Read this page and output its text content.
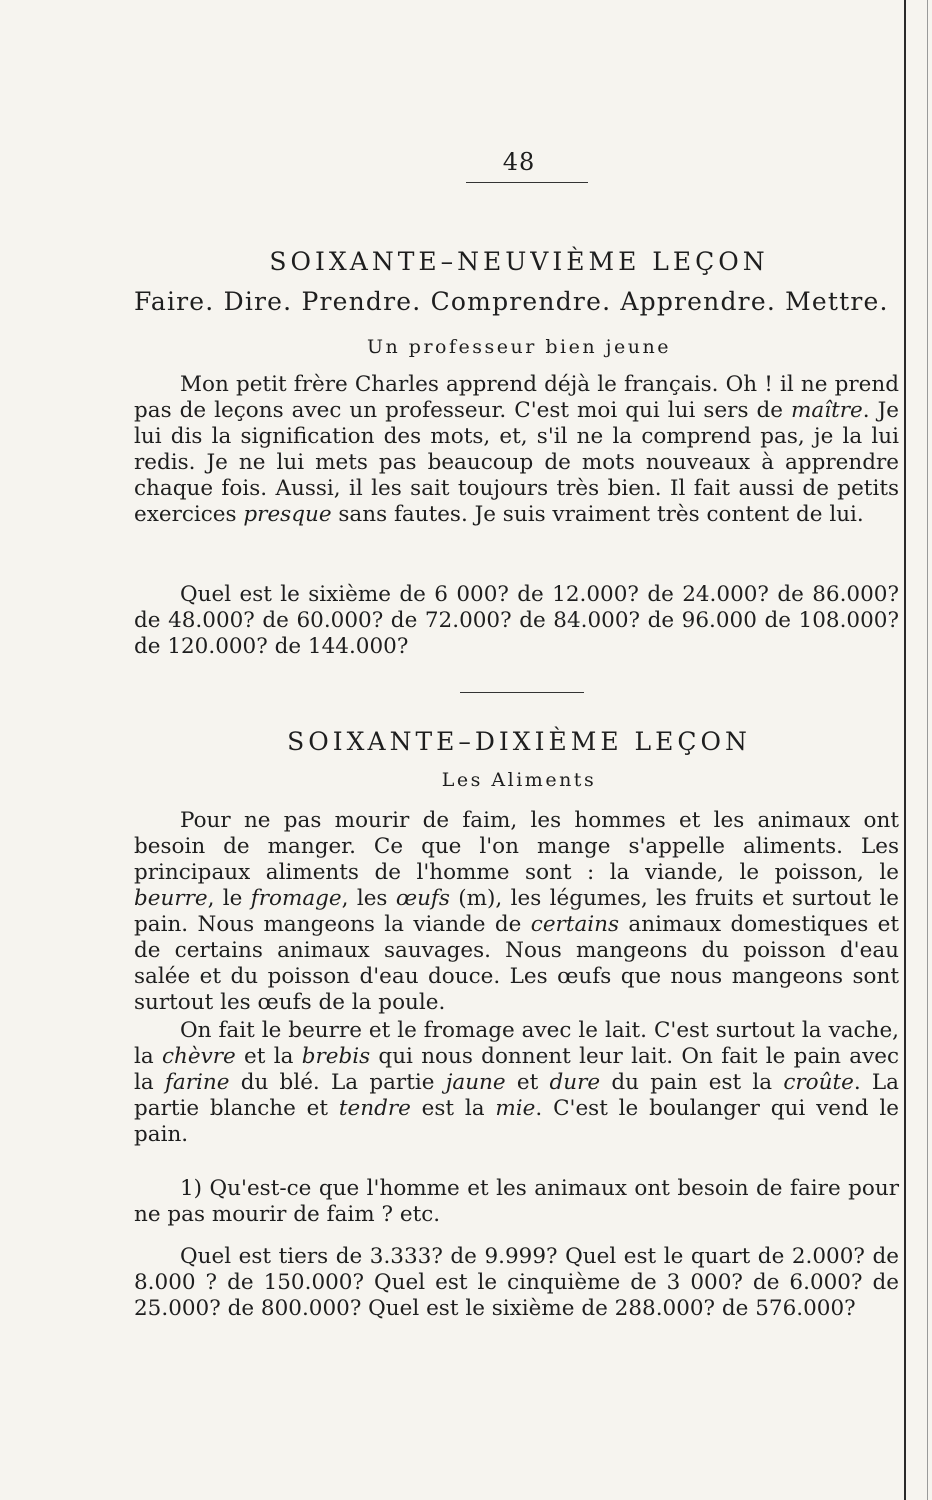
48
SOIXANTE–NEUVIÈME LEÇON
Faire. Dire. Prendre. Comprendre. Apprendre. Mettre.
Un professeur bien jeune
Mon petit frère Charles apprend déjà le français. Oh ! il ne prend pas de leçons avec un professeur. C'est moi qui lui sers de maître. Je lui dis la signification des mots, et, s'il ne la comprend pas, je la lui redis. Je ne lui mets pas beaucoup de mots nouveaux à apprendre chaque fois. Aussi, il les sait toujours très bien. Il fait aussi de petits exercices presque sans fautes. Je suis vraiment très content de lui.
Quel est le sixième de 6 000? de 12.000? de 24.000? de 86.000? de 48.000? de 60.000? de 72.000? de 84.000? de 96.000 de 108.000? de 120.000? de 144.000?
SOIXANTE–DIXIÈME LEÇON
Les Aliments
Pour ne pas mourir de faim, les hommes et les animaux ont besoin de manger. Ce que l'on mange s'appelle aliments. Les principaux aliments de l'homme sont : la viande, le poisson, le beurre, le fromage, les œufs (m), les légumes, les fruits et surtout le pain. Nous mangeons la viande de certains animaux domestiques et de certains animaux sauvages. Nous mangeons du poisson d'eau salée et du poisson d'eau douce. Les œufs que nous mangeons sont surtout les œufs de la poule.
On fait le beurre et le fromage avec le lait. C'est surtout la vache, la chèvre et la brebis qui nous donnent leur lait. On fait le pain avec la farine du blé. La partie jaune et dure du pain est la croûte. La partie blanche et tendre est la mie. C'est le boulanger qui vend le pain.
1) Qu'est-ce que l'homme et les animaux ont besoin de faire pour ne pas mourir de faim ? etc.
Quel est tiers de 3.333? de 9.999? Quel est le quart de 2.000? de 8.000 ? de 150.000? Quel est le cinquième de 3 000? de 6.000? de 25.000? de 800.000? Quel est le sixième de 288.000? de 576.000?
